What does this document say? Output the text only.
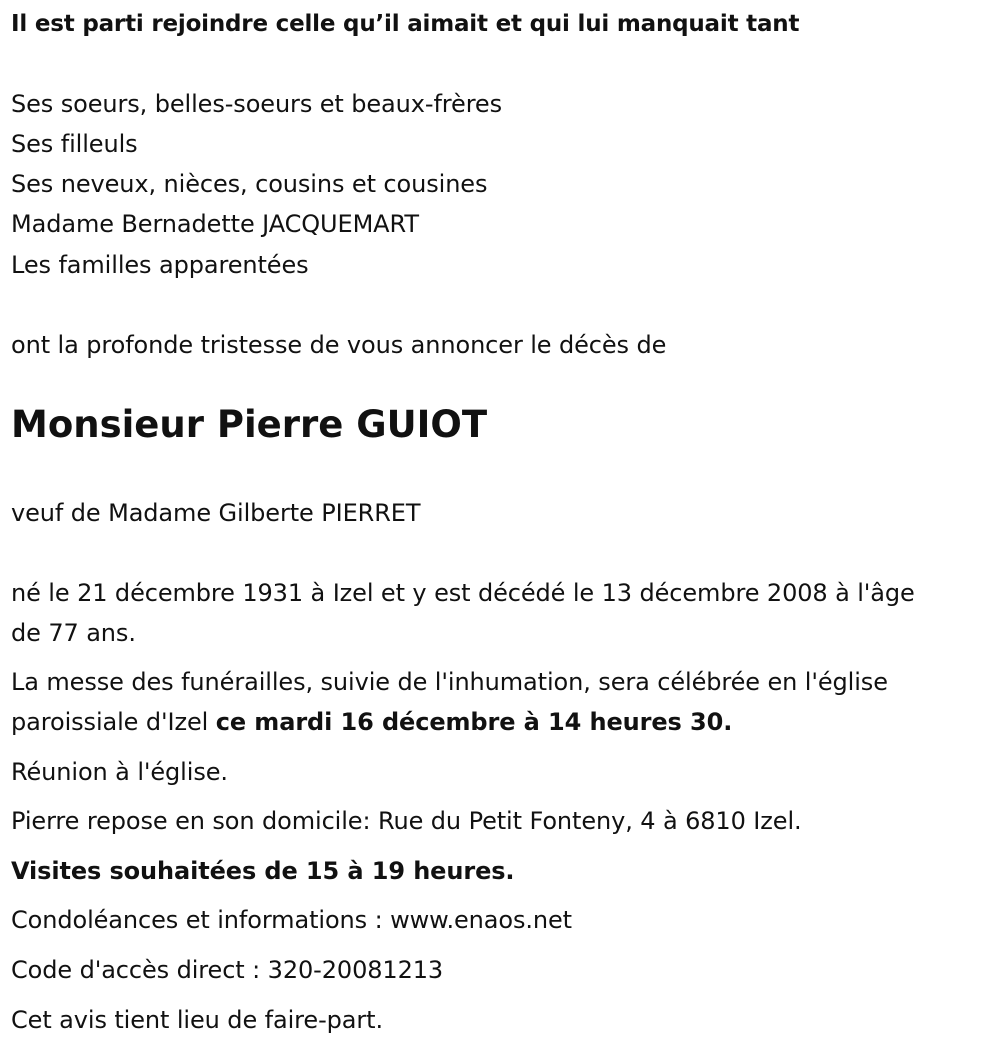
Il est parti rejoindre celle qu’il aimait et qui lui manquait tant
Ses soeurs, belles-soeurs et beaux-frères
Ses filleuls
Ses neveux, nièces, cousins et cousines
Madame Bernadette JACQUEMART
Les familles apparentées
ont la profonde tristesse de vous annoncer le décès de
Monsieur Pierre GUIOT
veuf de Madame Gilberte PIERRET
né le 21 décembre 1931 à Izel et y est décédé le 13 décembre 2008 à l'âge
de 77 ans.
La messe des funérailles, suivie de l'inhumation, sera célébrée en l'église
paroissiale d'Izel ce mardi 16 décembre à 14 heures 30.
Réunion à l'église.
Pierre repose en son domicile: Rue du Petit Fonteny, 4 à 6810 Izel.
Visites souhaitées de 15 à 19 heures.
Condoléances et informations : www.enaos.net
Code d'accès direct : 320-20081213
Cet avis tient lieu de faire-part.
